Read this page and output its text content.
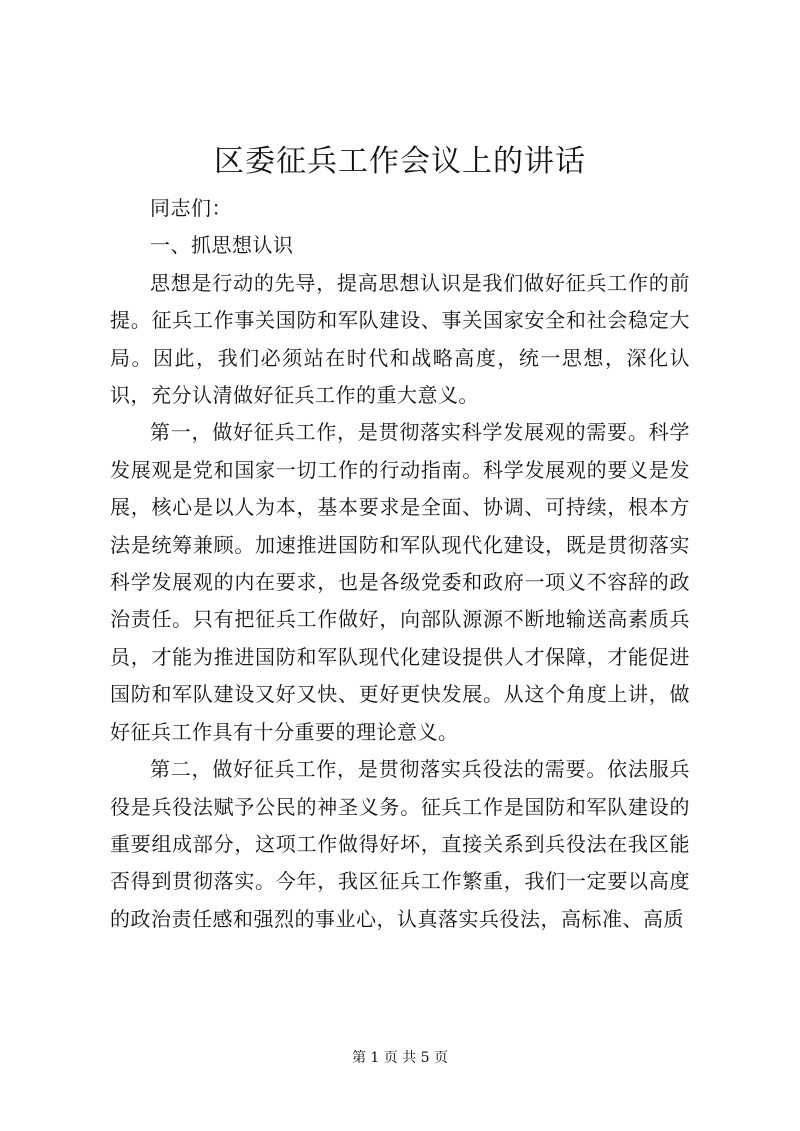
区委征兵工作会议上的讲话

同志们：

一、抓思想认识

思想是行动的先导，提高思想认识是我们做好征兵工作的前提。征兵工作事关国防和军队建设、事关国家安全和社会稳定大局。因此，我们必须站在时代和战略高度，统一思想，深化认识，充分认清做好征兵工作的重大意义。

第一，做好征兵工作，是贯彻落实科学发展观的需要。科学发展观是党和国家一切工作的行动指南。科学发展观的要义是发展，核心是以人为本，基本要求是全面、协调、可持续，根本方法是统筹兼顾。加速推进国防和军队现代化建设，既是贯彻落实科学发展观的内在要求，也是各级党委和政府一项义不容辞的政治责任。只有把征兵工作做好，向部队源源不断地输送高素质兵员，才能为推进国防和军队现代化建设提供人才保障，才能促进国防和军队建设又好又快、更好更快发展。从这个角度上讲，做好征兵工作具有十分重要的理论意义。

第二，做好征兵工作，是贯彻落实兵役法的需要。依法服兵役是兵役法赋予公民的神圣义务。征兵工作是国防和军队建设的重要组成部分，这项工作做得好坏，直接关系到兵役法在我区能否得到贯彻落实。今年，我区征兵工作繁重，我们一定要以高度的政治责任感和强烈的事业心，认真落实兵役法，高标准、高质

第 1 页 共 5 页
